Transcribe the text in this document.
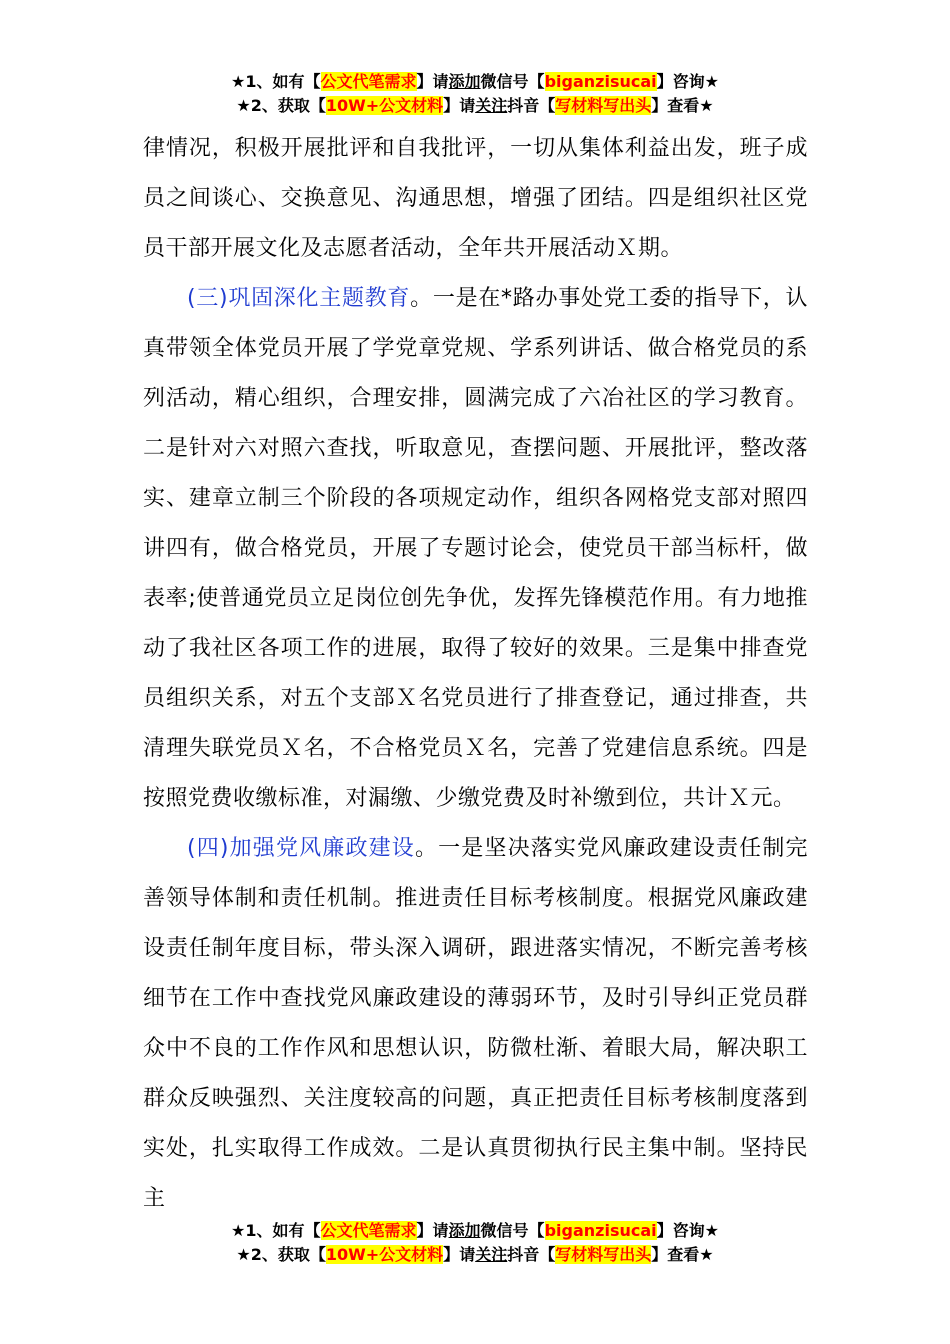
★1、如有【公文代笔需求】请添加微信号【biganzisucai】咨询★
★2、获取【10W+公文材料】请关注抖音【写材料写出头】查看★

律情况，积极开展批评和自我批评，一切从集体利益出发，班子成员之间谈心、交换意见、沟通思想，增强了团结。四是组织社区党员干部开展文化及志愿者活动，全年共开展活动Ｘ期。

(三)巩固深化主题教育。一是在*路办事处党工委的指导下，认真带领全体党员开展了学党章党规、学系列讲话、做合格党员的系列活动，精心组织，合理安排，圆满完成了六冶社区的学习教育。二是针对六对照六查找，听取意见，查摆问题、开展批评，整改落实、建章立制三个阶段的各项规定动作，组织各网格党支部对照四讲四有，做合格党员，开展了专题讨论会，使党员干部当标杆，做表率;使普通党员立足岗位创先争优，发挥先锋模范作用。有力地推动了我社区各项工作的进展，取得了较好的效果。三是集中排查党员组织关系，对五个支部Ｘ名党员进行了排查登记，通过排查，共清理失联党员Ｘ名，不合格党员Ｘ名，完善了党建信息系统。四是按照党费收缴标准，对漏缴、少缴党费及时补缴到位，共计Ｘ元。

(四)加强党风廉政建设。一是坚决落实党风廉政建设责任制完善领导体制和责任机制。推进责任目标考核制度。根据党风廉政建设责任制年度目标，带头深入调研，跟进落实情况，不断完善考核细节在工作中查找党风廉政建设的薄弱环节，及时引导纠正党员群众中不良的工作作风和思想认识，防微杜渐、着眼大局，解决职工群众反映强烈、关注度较高的问题，真正把责任目标考核制度落到实处，扎实取得工作成效。二是认真贯彻执行民主集中制。坚持民主

★1、如有【公文代笔需求】请添加微信号【biganzisucai】咨询★
★2、获取【10W+公文材料】请关注抖音【写材料写出头】查看★
